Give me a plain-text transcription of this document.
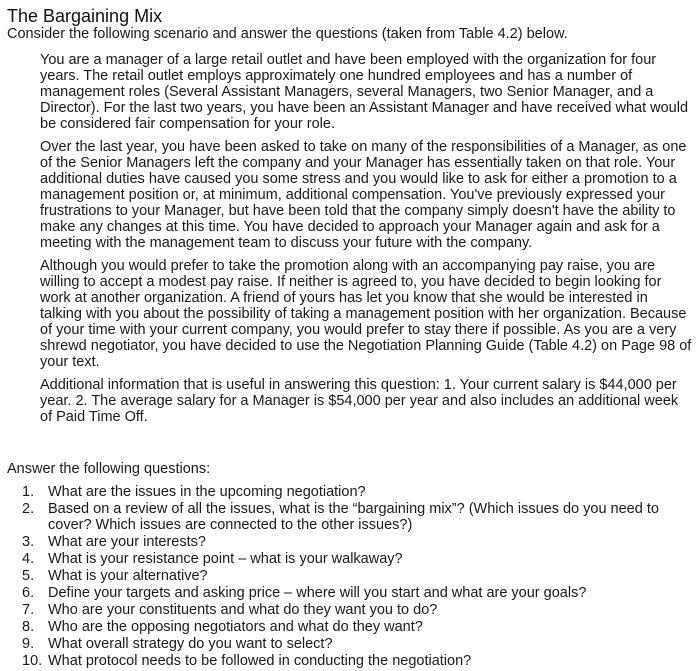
The Bargaining Mix

Consider the following scenario and answer the questions (taken from Table 4.2) below.

You are a manager of a large retail outlet and have been employed with the organization for four years. The retail outlet employs approximately one hundred employees and has a number of management roles (Several Assistant Managers, several Managers, two Senior Manager, and a Director). For the last two years, you have been an Assistant Manager and have received what would be considered fair compensation for your role.

Over the last year, you have been asked to take on many of the responsibilities of a Manager, as one of the Senior Managers left the company and your Manager has essentially taken on that role. Your additional duties have caused you some stress and you would like to ask for either a promotion to a management position or, at minimum, additional compensation. You've previously expressed your frustrations to your Manager, but have been told that the company simply doesn't have the ability to make any changes at this time. You have decided to approach your Manager again and ask for a meeting with the management team to discuss your future with the company.

Although you would prefer to take the promotion along with an accompanying pay raise, you are willing to accept a modest pay raise. If neither is agreed to, you have decided to begin looking for work at another organization. A friend of yours has let you know that she would be interested in talking with you about the possibility of taking a management position with her organization. Because of your time with your current company, you would prefer to stay there if possible. As you are a very shrewd negotiator, you have decided to use the Negotiation Planning Guide (Table 4.2) on Page 98 of your text.

Additional information that is useful in answering this question: 1. Your current salary is $44,000 per year. 2. The average salary for a Manager is $54,000 per year and also includes an additional week of Paid Time Off.

Answer the following questions:

1. What are the issues in the upcoming negotiation?
2. Based on a review of all the issues, what is the “bargaining mix”? (Which issues do you need to cover? Which issues are connected to the other issues?)
3. What are your interests?
4. What is your resistance point – what is your walkaway?
5. What is your alternative?
6. Define your targets and asking price – where will you start and what are your goals?
7. Who are your constituents and what do they want you to do?
8. Who are the opposing negotiators and what do they want?
9. What overall strategy do you want to select?
10. What protocol needs to be followed in conducting the negotiation?
